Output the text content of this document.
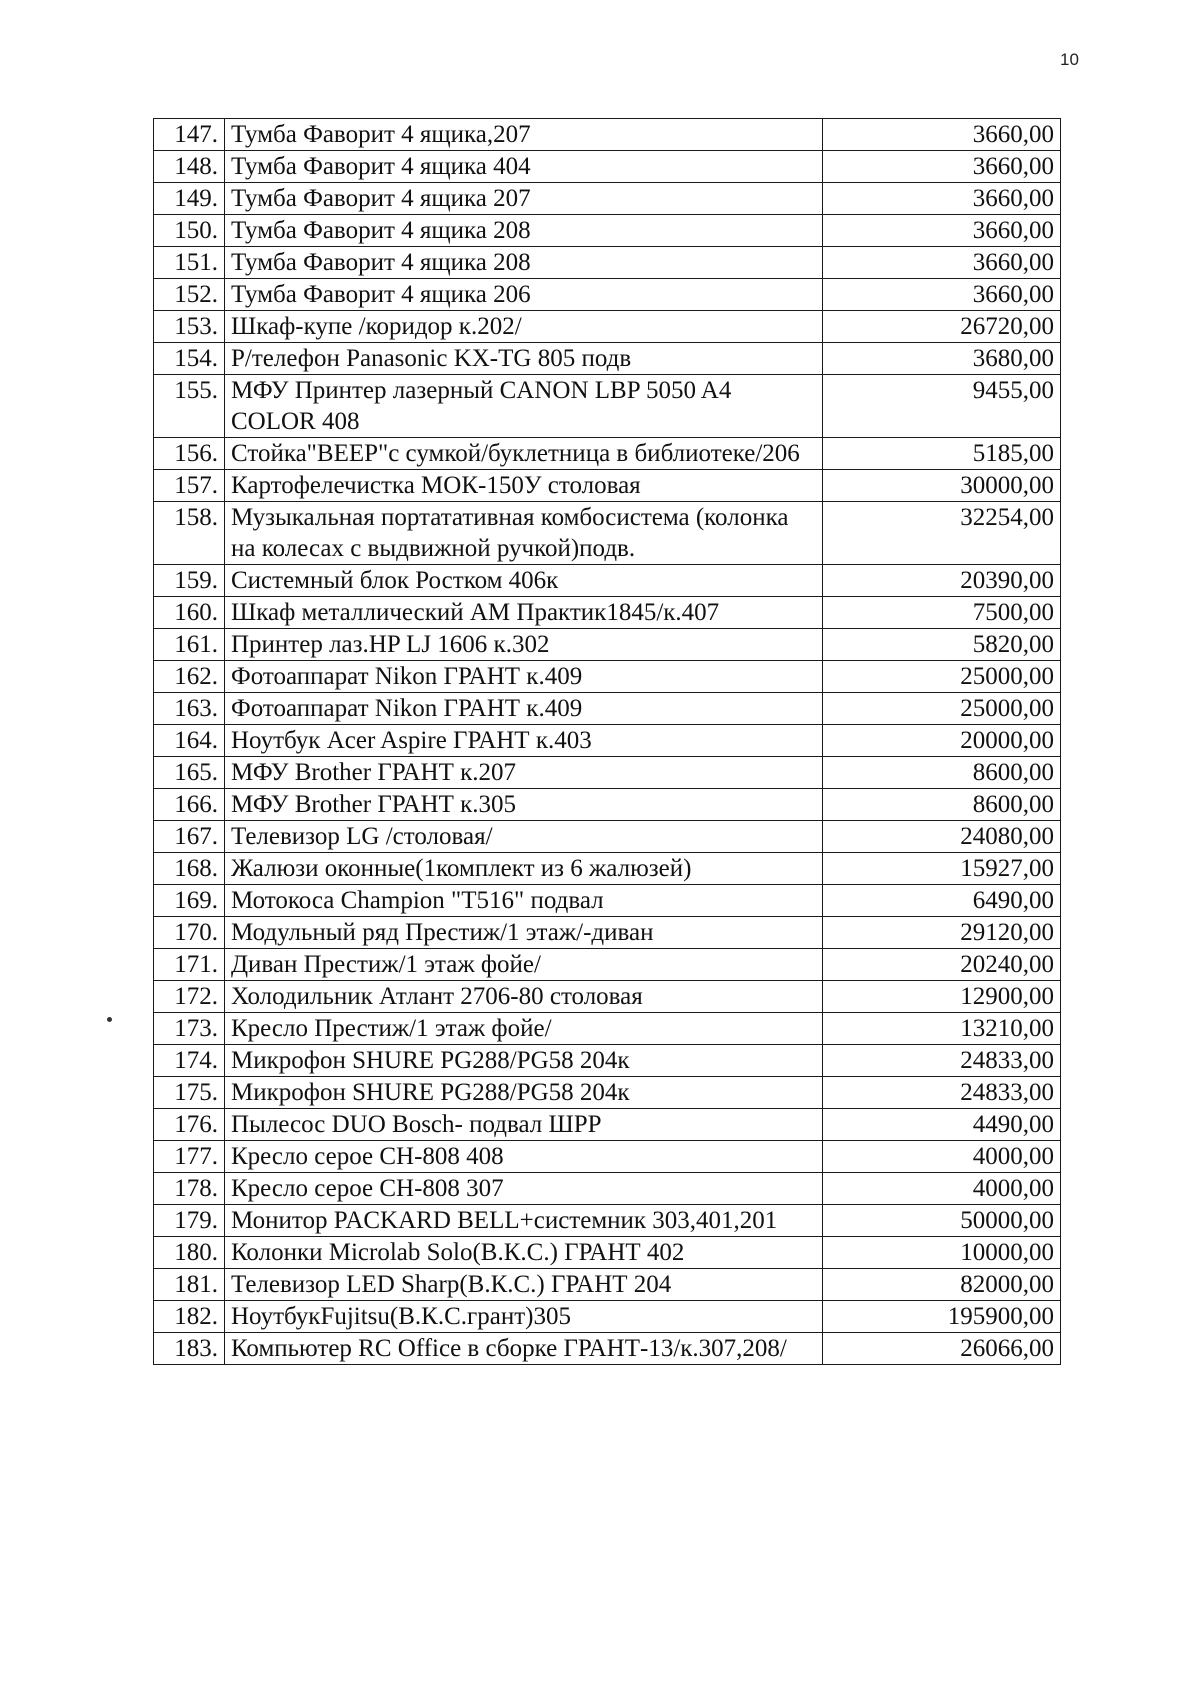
10
147.	Тумба Фаворит 4 ящика,207	3660,00
148.	Тумба Фаворит 4 ящика 404	3660,00
149.	Тумба Фаворит 4 ящика 207	3660,00
150.	Тумба Фаворит 4 ящика 208	3660,00
151.	Тумба Фаворит 4 ящика 208	3660,00
152.	Тумба Фаворит 4 ящика 206	3660,00
153.	Шкаф-купе /коридор к.202/	26720,00
154.	Р/телефон Panasonic KX-TG 805 подв	3680,00
155.	МФУ Принтер лазерный CANON LBP 5050 A4 COLOR 408	9455,00
156.	Стойка"BEEP"с сумкой/буклетница в библиотеке/206	5185,00
157.	Картофелечистка МОК-150У столовая	30000,00
158.	Музыкальная портатативная комбосистема (колонка на колесах с выдвижной ручкой)подв.	32254,00
159.	Системный блок Ростком 406к	20390,00
160.	Шкаф металлический АМ Практик1845/к.407	7500,00
161.	Принтер лаз.HP LJ 1606 к.302	5820,00
162.	Фотоаппарат Nikon ГРАНТ к.409	25000,00
163.	Фотоаппарат Nikon ГРАНТ к.409	25000,00
164.	Ноутбук Acer Aspire ГРАНТ к.403	20000,00
165.	МФУ Brother ГРАНТ к.207	8600,00
166.	МФУ Brother ГРАНТ к.305	8600,00
167.	Телевизор LG /столовая/	24080,00
168.	Жалюзи оконные(1комплект из 6 жалюзей)	15927,00
169.	Мотокоса Champion "T516" подвал	6490,00
170.	Модульный ряд Престиж/1 этаж/-диван	29120,00
171.	Диван Престиж/1 этаж фойе/	20240,00
172.	Холодильник Атлант 2706-80 столовая	12900,00
173.	Кресло Престиж/1 этаж фойе/	13210,00
174.	Микрофон SHURE PG288/PG58 204к	24833,00
175.	Микрофон SHURE PG288/PG58 204к	24833,00
176.	Пылесос DUO Bosch- подвал ШРР	4490,00
177.	Кресло серое CH-808 408	4000,00
178.	Кресло серое CH-808 307	4000,00
179.	Монитор PACKARD BELL+системник 303,401,201	50000,00
180.	Колонки Microlab Solo(В.К.С.) ГРАНТ 402	10000,00
181.	Телевизор LED Sharp(В.К.С.) ГРАНТ 204	82000,00
182.	НоутбукFujitsu(В.К.С.грант)305	195900,00
183.	Компьютер RC Office в сборке ГРАНТ-13/к.307,208/	26066,00
